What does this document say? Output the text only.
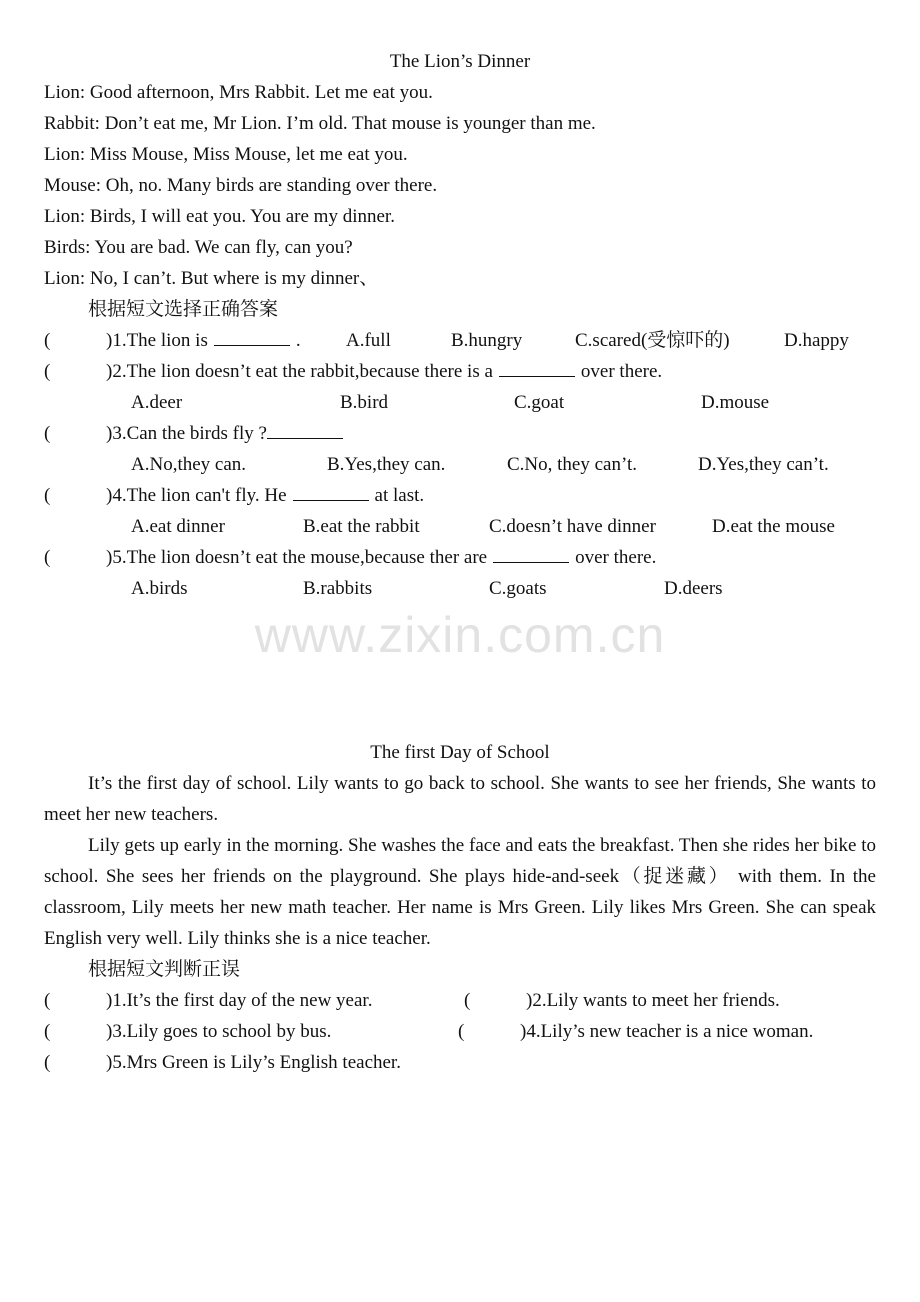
www.zixin.com.cn
The Lion’s Dinner
Lion: Good afternoon, Mrs Rabbit. Let me eat you.
Rabbit: Don’t eat me, Mr Lion. I’m old. That mouse is younger than me.
Lion: Miss Mouse, Miss Mouse, let me eat you.
Mouse: Oh, no. Many birds are standing over there.
Lion: Birds, I will eat you. You are my dinner.
Birds: You are bad. We can fly, can you?
Lion: No, I can’t. But where is my dinner、
根据短文选择正确答案
(	)1.The lion is	. A.full	B.hungry	C.scared(受惊吓的)	D.happy
(	)2.The lion doesn’t eat the rabbit,because there is a	over there.
A.deer	B.bird	C.goat	D.mouse
(	)3.Can the birds fly ?
A.No,they can.	B.Yes,they can.	C.No, they can’t.	D.Yes,they can’t.
(	)4.The lion can't fly. He	at last.
A.eat dinner	B.eat the rabbit	C.doesn’t have dinner	D.eat the mouse
(	)5.The lion doesn’t eat the mouse,because ther are	over there.
A.birds	B.rabbits	C.goats	D.deers
The first Day of School
It’s the first day of school. Lily wants to go back to school. She wants to see her friends, She wants to meet her new teachers.
Lily gets up early in the morning. She washes the face and eats the breakfast. Then she rides her bike to school. She sees her friends on the playground. She plays hide-and-seek（捉迷藏） with them. In the classroom, Lily meets her new math teacher. Her name is Mrs Green. Lily likes Mrs Green. She can speak English very well. Lily thinks she is a nice teacher.
根据短文判断正误
(	)1.It’s the first day of the new year.	(	)2.Lily wants to meet her friends.
(	)3.Lily goes to school by bus.	(	)4.Lily’s new teacher is a nice woman.
(	)5.Mrs Green is Lily’s English teacher.
